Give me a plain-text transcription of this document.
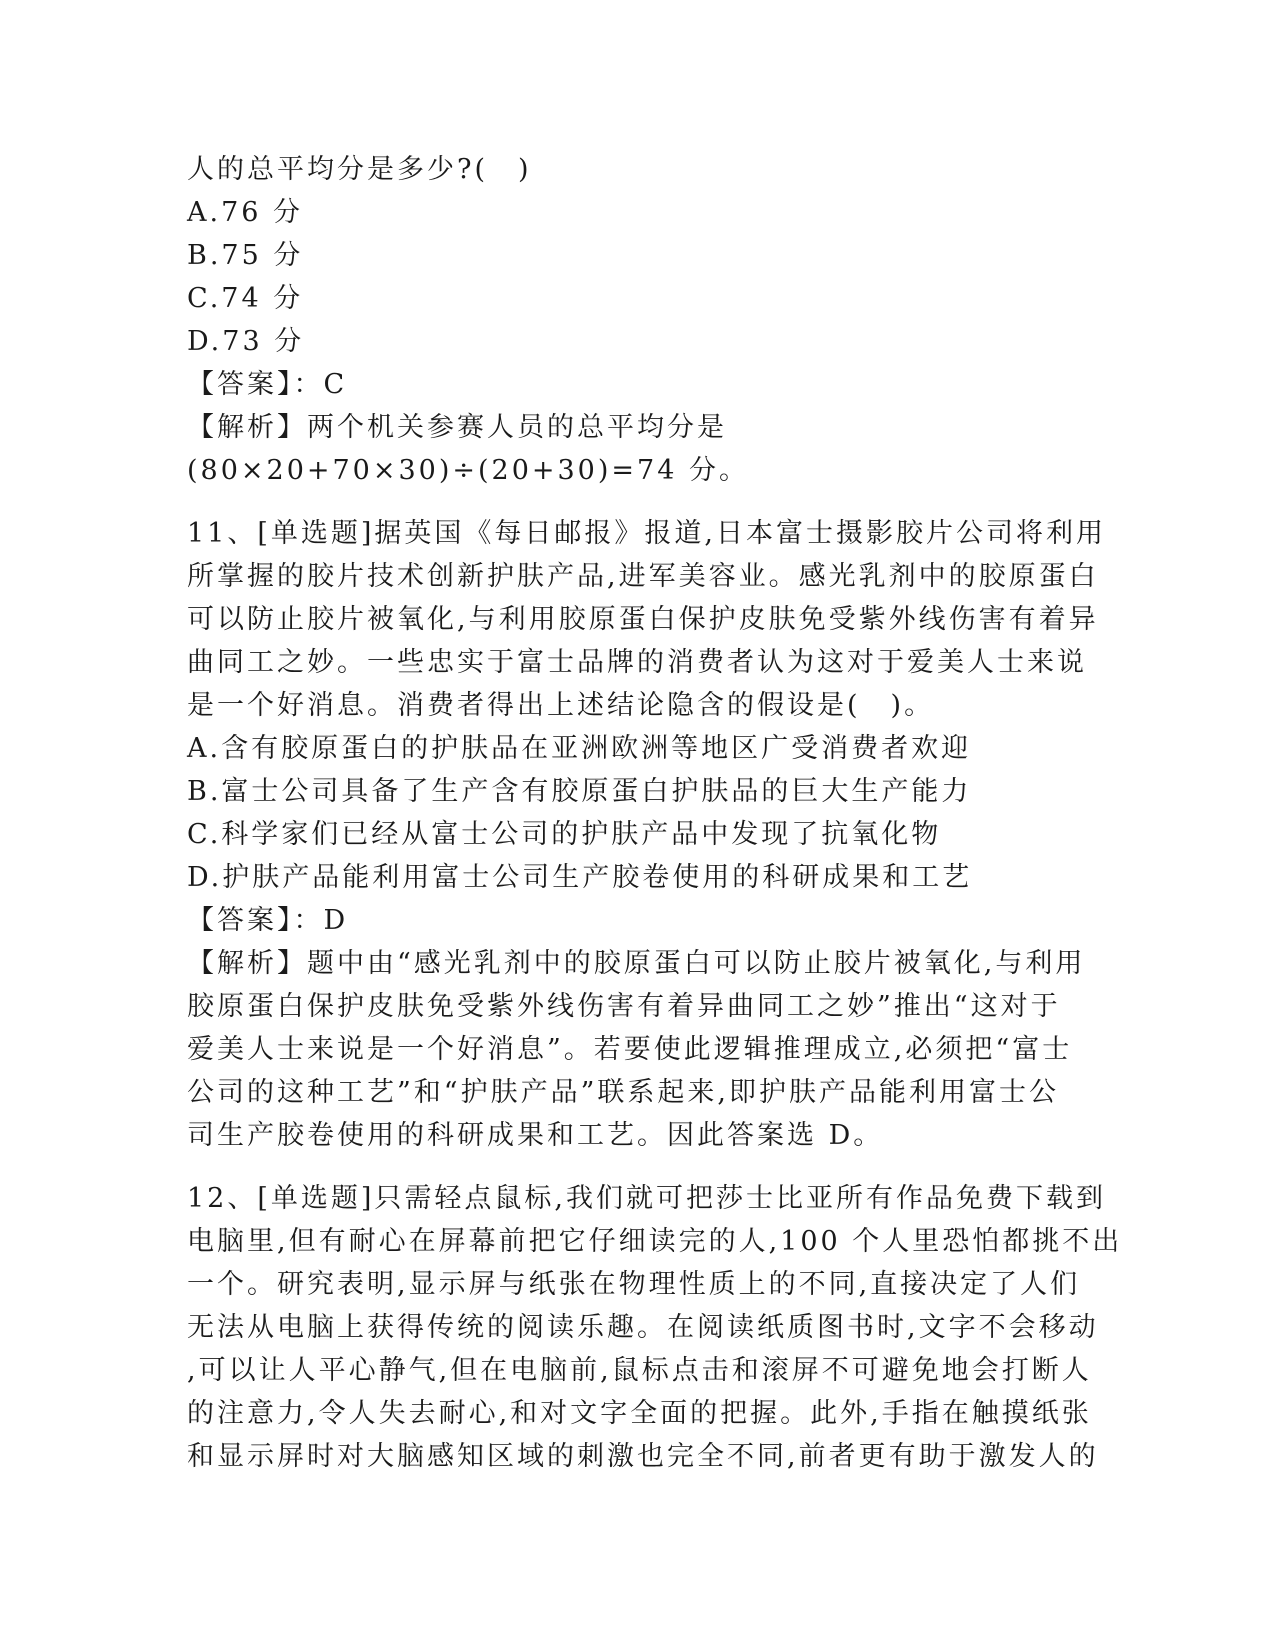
人的总平均分是多少?(　)
A.76 分
B.75 分
C.74 分
D.73 分
【答案】：C
【解析】两个机关参赛人员的总平均分是
(80×20+70×30)÷(20+30)=74 分。
11、[单选题]据英国《每日邮报》报道,日本富士摄影胶片公司将利用
所掌握的胶片技术创新护肤产品,进军美容业。感光乳剂中的胶原蛋白
可以防止胶片被氧化,与利用胶原蛋白保护皮肤免受紫外线伤害有着异
曲同工之妙。一些忠实于富士品牌的消费者认为这对于爱美人士来说
是一个好消息。消费者得出上述结论隐含的假设是(　)。
A.含有胶原蛋白的护肤品在亚洲欧洲等地区广受消费者欢迎
B.富士公司具备了生产含有胶原蛋白护肤品的巨大生产能力
C.科学家们已经从富士公司的护肤产品中发现了抗氧化物
D.护肤产品能利用富士公司生产胶卷使用的科研成果和工艺
【答案】：D
【解析】题中由“感光乳剂中的胶原蛋白可以防止胶片被氧化,与利用
胶原蛋白保护皮肤免受紫外线伤害有着异曲同工之妙”推出“这对于
爱美人士来说是一个好消息”。若要使此逻辑推理成立,必须把“富士
公司的这种工艺”和“护肤产品”联系起来,即护肤产品能利用富士公
司生产胶卷使用的科研成果和工艺。因此答案选 D。
12、[单选题]只需轻点鼠标,我们就可把莎士比亚所有作品免费下载到
电脑里,但有耐心在屏幕前把它仔细读完的人,100 个人里恐怕都挑不出
一个。研究表明,显示屏与纸张在物理性质上的不同,直接决定了人们
无法从电脑上获得传统的阅读乐趣。在阅读纸质图书时,文字不会移动
,可以让人平心静气,但在电脑前,鼠标点击和滚屏不可避免地会打断人
的注意力,令人失去耐心,和对文字全面的把握。此外,手指在触摸纸张
和显示屏时对大脑感知区域的刺激也完全不同,前者更有助于激发人的
